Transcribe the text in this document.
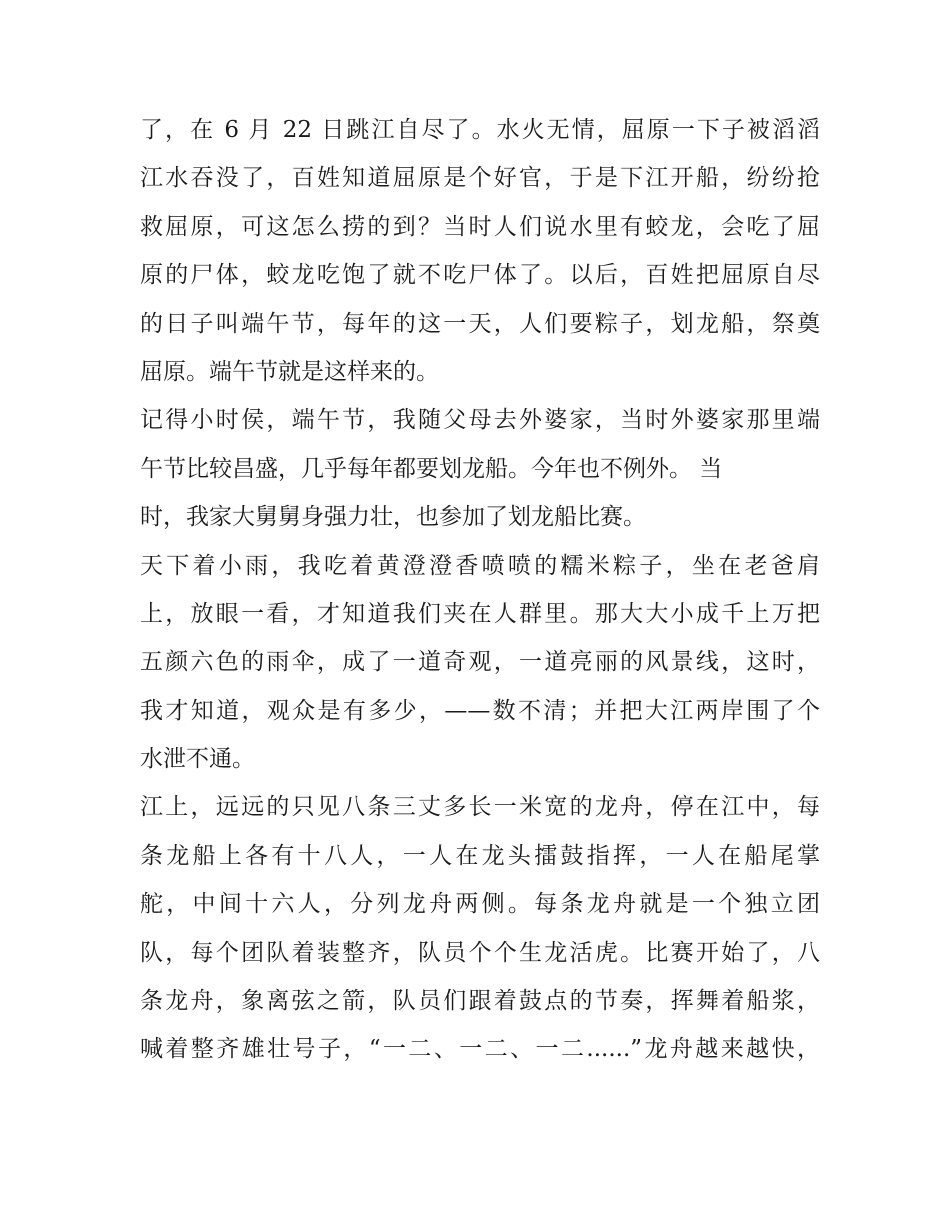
了，在 6 月 22 日跳江自尽了。水火无情，屈原一下子被滔滔
江水吞没了，百姓知道屈原是个好官，于是下江开船，纷纷抢
救屈原，可这怎么捞的到？当时人们说水里有蛟龙，会吃了屈
原的尸体，蛟龙吃饱了就不吃尸体了。以后，百姓把屈原自尽
的日子叫端午节，每年的这一天，人们要粽子，划龙船，祭奠
屈原。端午节就是这样来的。
记得小时侯，端午节，我随父母去外婆家，当时外婆家那里端
午节比较昌盛，几乎每年都要划龙船。今年也不例外。 当
时，我家大舅舅身强力壮，也参加了划龙船比赛。
天下着小雨，我吃着黄澄澄香喷喷的糯米粽子，坐在老爸肩
上，放眼一看，才知道我们夹在人群里。那大大小成千上万把
五颜六色的雨伞，成了一道奇观，一道亮丽的风景线，这时，
我才知道，观众是有多少，——数不清；并把大江两岸围了个
水泄不通。
江上，远远的只见八条三丈多长一米宽的龙舟，停在江中，每
条龙船上各有十八人，一人在龙头擂鼓指挥，一人在船尾掌
舵，中间十六人，分列龙舟两侧。每条龙舟就是一个独立团
队，每个团队着装整齐，队员个个生龙活虎。比赛开始了，八
条龙舟，象离弦之箭，队员们跟着鼓点的节奏，挥舞着船浆，
喊着整齐雄壮号子，“一二、一二、一二......”龙舟越来越快，
